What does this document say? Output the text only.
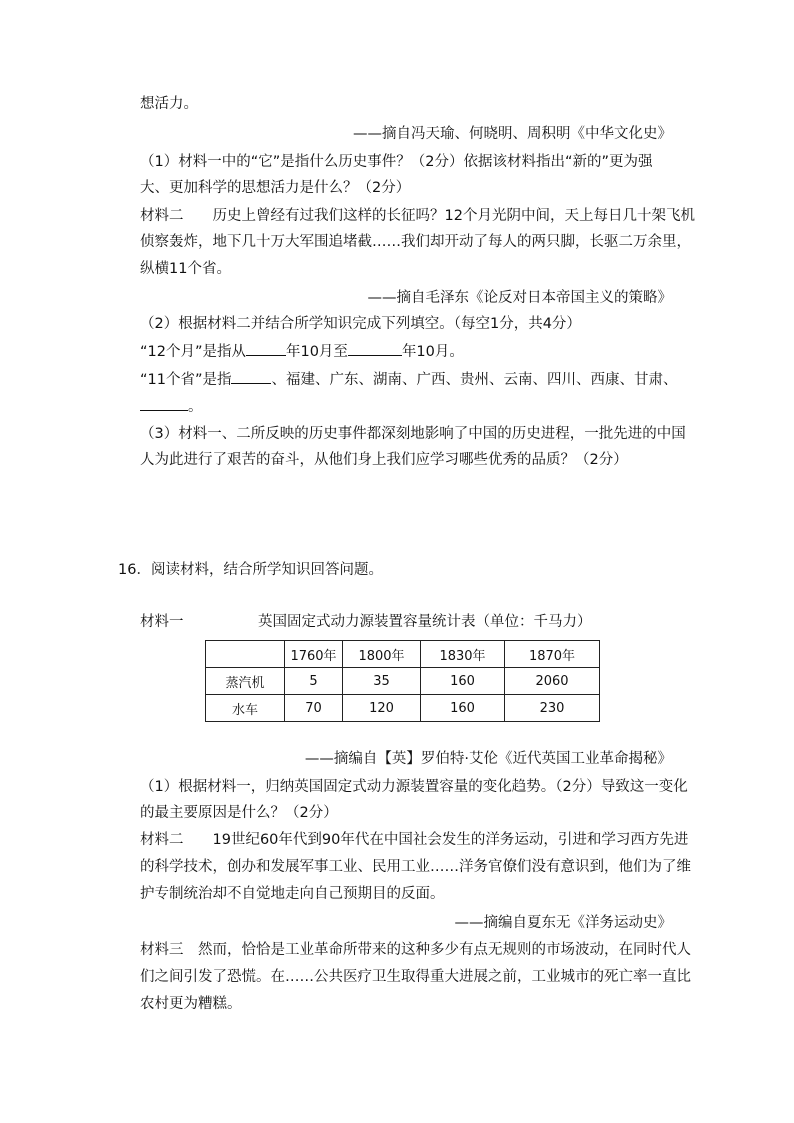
想活力。
——摘自冯天瑜、何晓明、周积明《中华文化史》
（1）材料一中的“它”是指什么历史事件？（2分）依据该材料指出“新的”更为强
大、更加科学的思想活力是什么？（2分）
材料二　　历史上曾经有过我们这样的长征吗？12个月光阴中间，天上每日几十架飞机
侦察轰炸，地下几十万大军围追堵截……我们却开动了每人的两只脚，长驱二万余里，
纵横11个省。
——摘自毛泽东《论反对日本帝国主义的策略》
（2）根据材料二并结合所学知识完成下列填空。（每空1分，共4分）
“12个月”是指从	年10月至	年10月。
“11个省”是指	、福建、广东、湖南、广西、贵州、云南、四川、西康、甘肃、
。
（3）材料一、二所反映的历史事件都深刻地影响了中国的历史进程，一批先进的中国
人为此进行了艰苦的奋斗，从他们身上我们应学习哪些优秀的品质？（2分）
16．阅读材料，结合所学知识回答问题。
材料一	英国固定式动力源装置容量统计表（单位：千马力）
	1760年	1800年	1830年	1870年
蒸汽机	5	35	160	2060
水车	70	120	160	230
——摘编自【英】罗伯特·艾伦《近代英国工业革命揭秘》
（1）根据材料一，归纳英国固定式动力源装置容量的变化趋势。（2分）导致这一变化
的最主要原因是什么？（2分）
材料二　　19世纪60年代到90年代在中国社会发生的洋务运动，引进和学习西方先进
的科学技术，创办和发展军事工业、民用工业……洋务官僚们没有意识到，他们为了维
护专制统治却不自觉地走向自己预期目的反面。
——摘编自夏东无《洋务运动史》
材料三　然而，恰恰是工业革命所带来的这种多少有点无规则的市场波动，在同时代人
们之间引发了恐慌。在……公共医疗卫生取得重大进展之前，工业城市的死亡率一直比
农村更为糟糕。
